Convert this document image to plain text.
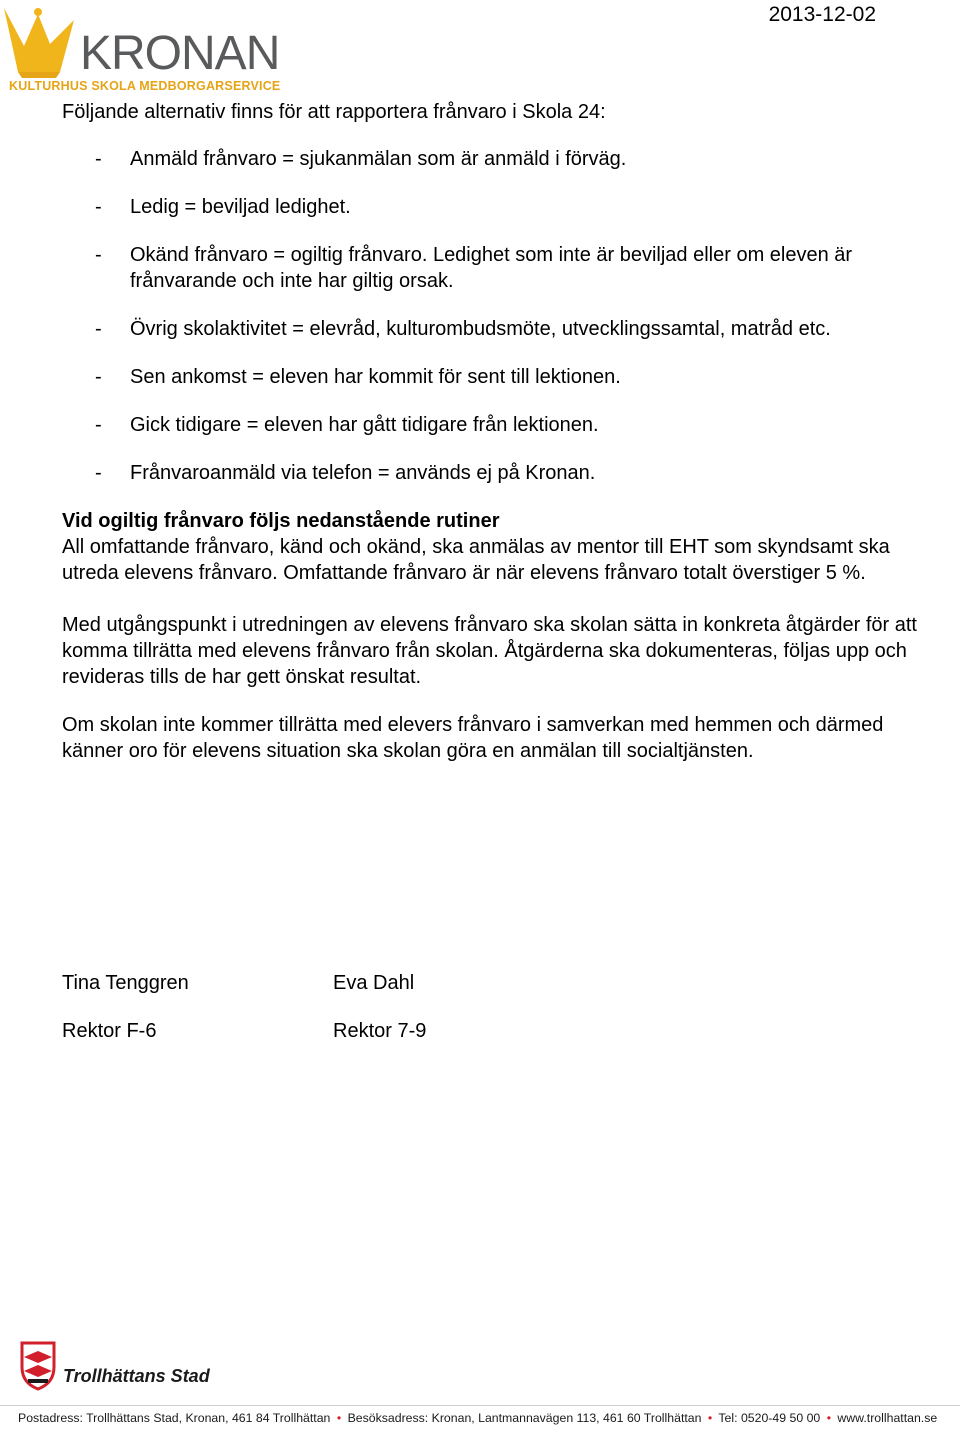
KRONAN
KULTURHUS SKOLA MEDBORGARSERVICE
2013-12-02

Följande alternativ finns för att rapportera frånvaro i Skola 24:

- Anmäld frånvaro = sjukanmälan som är anmäld i förväg.
- Ledig = beviljad ledighet.
- Okänd frånvaro = ogiltig frånvaro. Ledighet som inte är beviljad eller om eleven är frånvarande och inte har giltig orsak.
- Övrig skolaktivitet = elevråd, kulturombudsmöte, utvecklingssamtal, matråd etc.
- Sen ankomst = eleven har kommit för sent till lektionen.
- Gick tidigare = eleven har gått tidigare från lektionen.
- Frånvaroanmäld via telefon = används ej på Kronan.

Vid ogiltig frånvaro följs nedanstående rutiner

All omfattande frånvaro, känd och okänd, ska anmälas av mentor till EHT som skyndsamt ska utreda elevens frånvaro. Omfattande frånvaro är när elevens frånvaro totalt överstiger 5 %.

Med utgångspunkt i utredningen av elevens frånvaro ska skolan sätta in konkreta åtgärder för att komma tillrätta med elevens frånvaro från skolan. Åtgärderna ska dokumenteras, följas upp och revideras tills de har gett önskat resultat.

Om skolan inte kommer tillrätta med elevers frånvaro i samverkan med hemmen och därmed känner oro för elevens situation ska skolan göra en anmälan till socialtjänsten.

Tina Tenggren	Eva Dahl
Rektor F-6	Rektor 7-9
Trollhättans Stad
Postadress: Trollhättans Stad, Kronan, 461 84 Trollhättan • Besöksadress: Kronan, Lantmannavägen 113, 461 60 Trollhättan • Tel: 0520-49 50 00 • www.trollhattan.se
